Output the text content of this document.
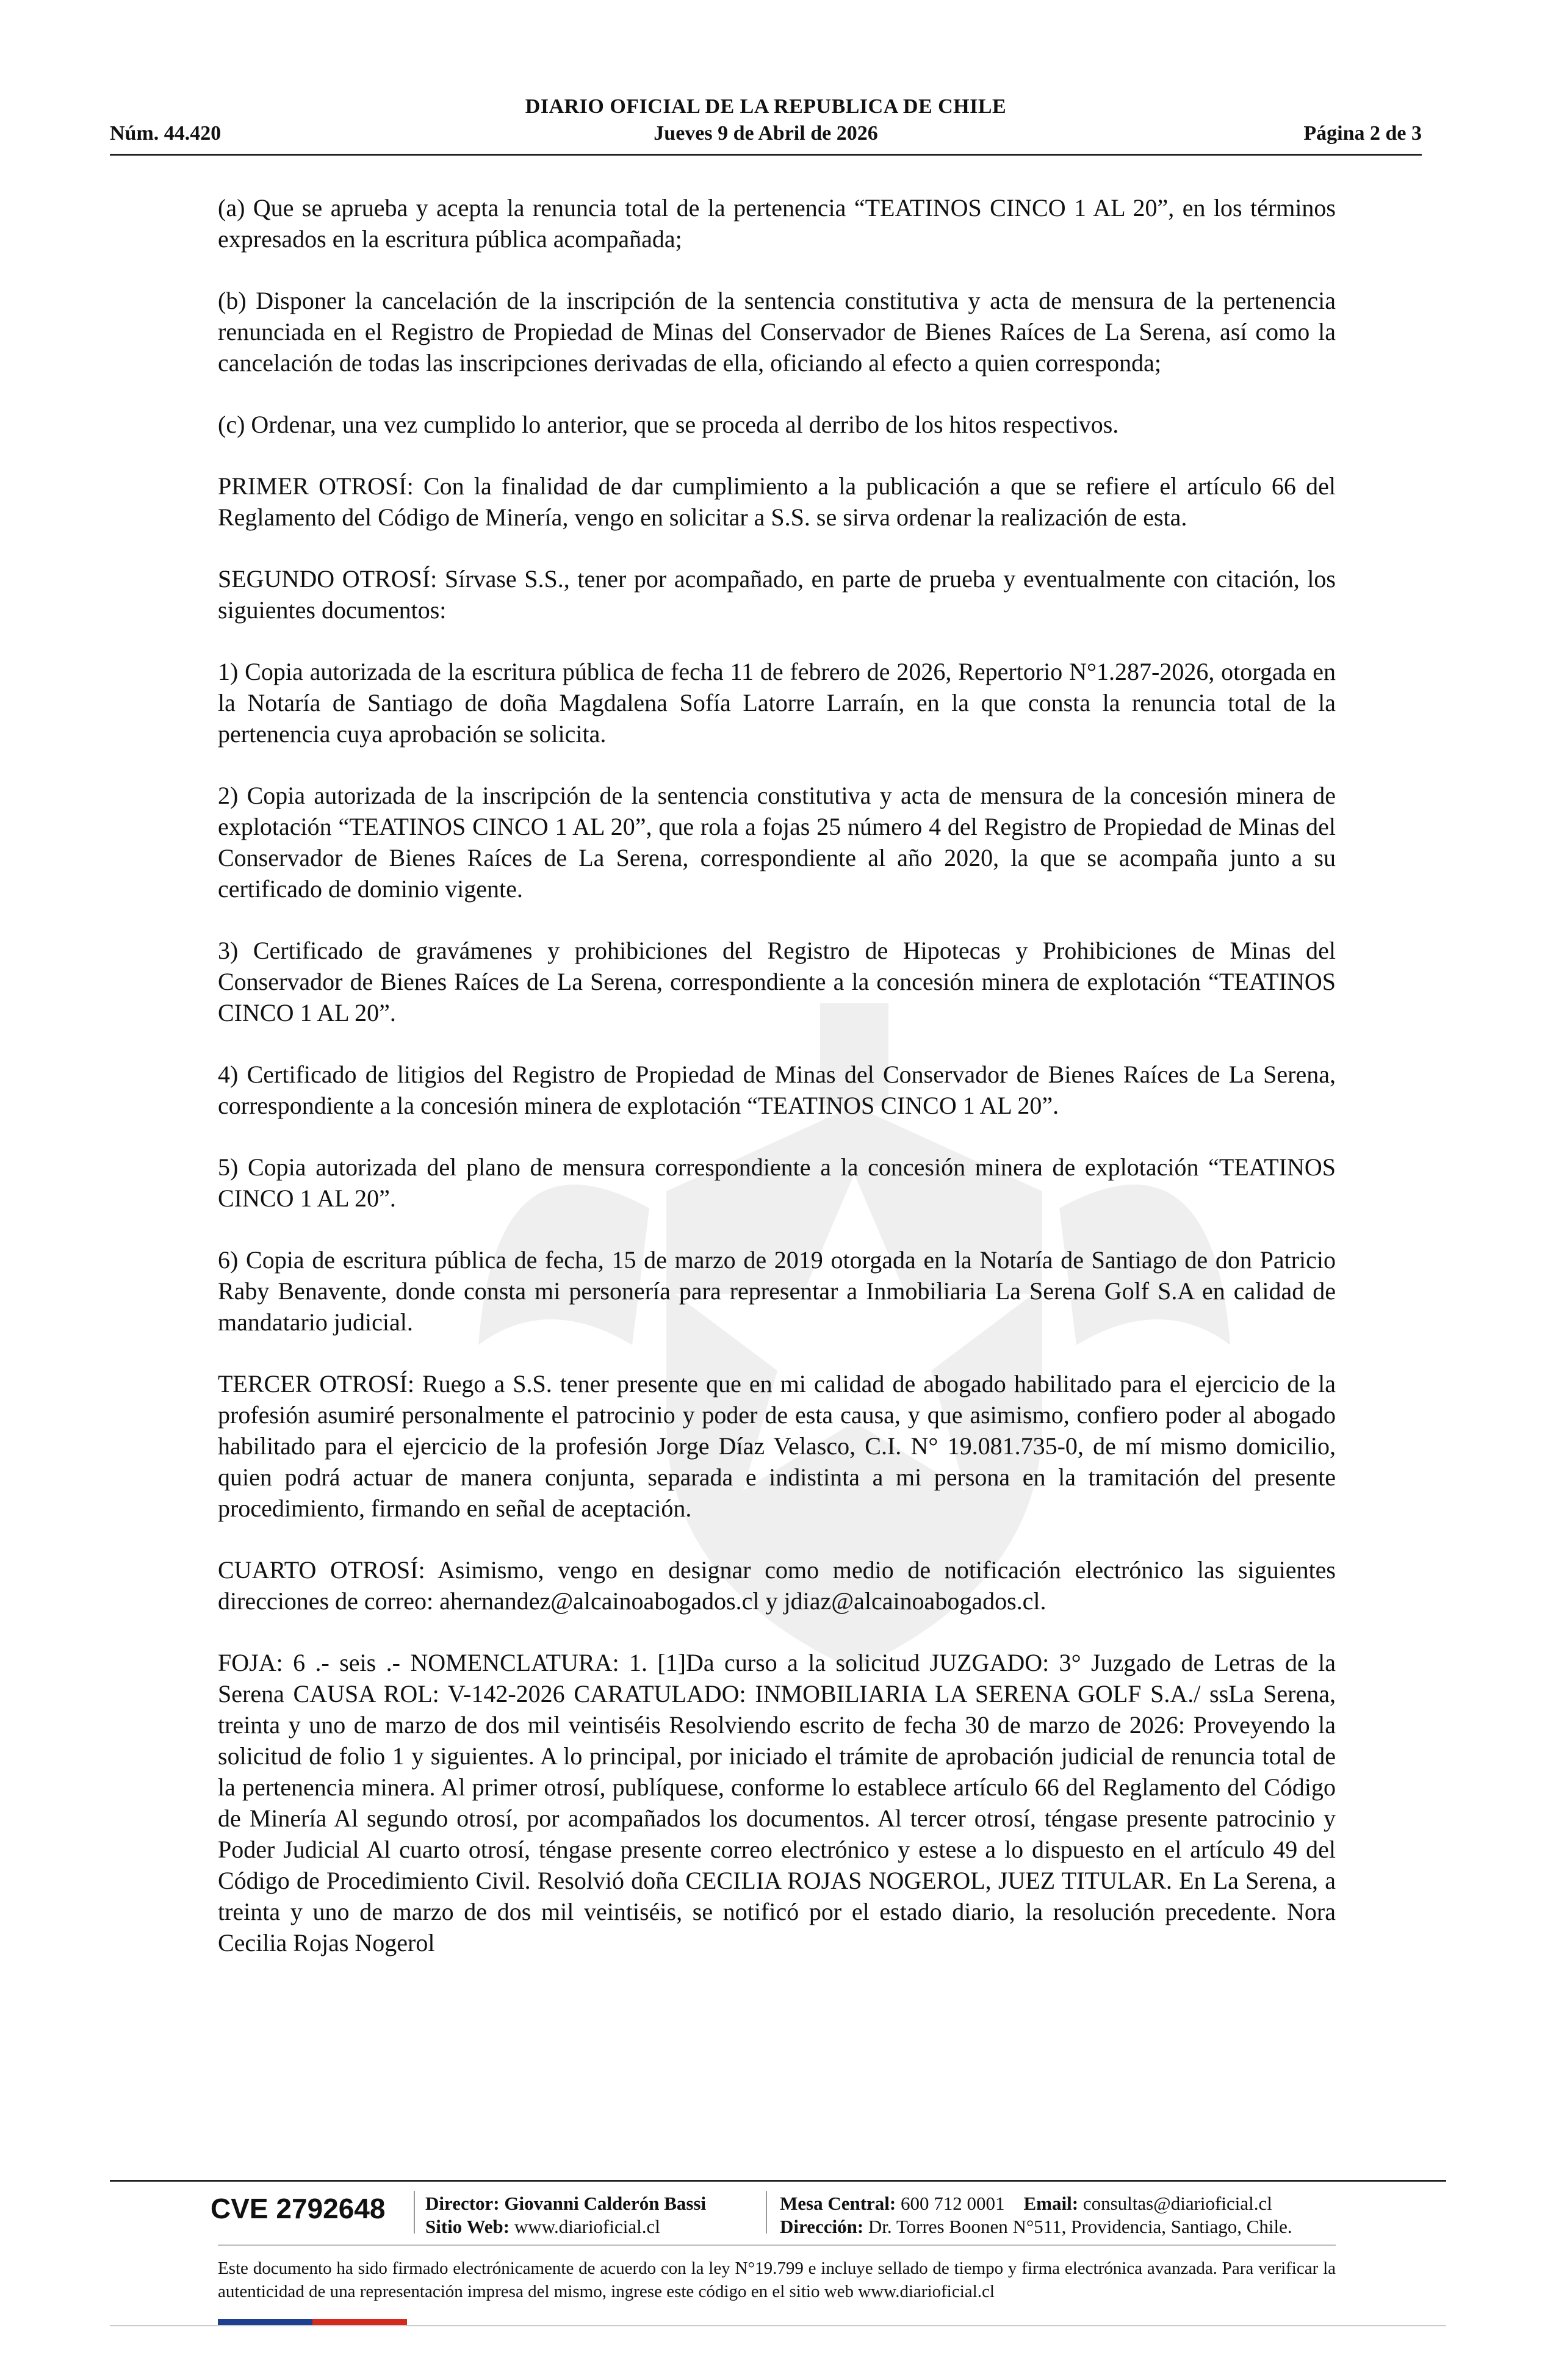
DIARIO OFICIAL DE LA REPUBLICA DE CHILE
Núm. 44.420	Jueves 9 de Abril de 2026	Página 2 de 3

(a) Que se aprueba y acepta la renuncia total de la pertenencia “TEATINOS CINCO 1 AL 20”, en los términos expresados en la escritura pública acompañada;

(b) Disponer la cancelación de la inscripción de la sentencia constitutiva y acta de mensura de la pertenencia renunciada en el Registro de Propiedad de Minas del Conservador de Bienes Raíces de La Serena, así como la cancelación de todas las inscripciones derivadas de ella, oficiando al efecto a quien corresponda;

(c) Ordenar, una vez cumplido lo anterior, que se proceda al derribo de los hitos respectivos.

PRIMER OTROSÍ: Con la finalidad de dar cumplimiento a la publicación a que se refiere el artículo 66 del Reglamento del Código de Minería, vengo en solicitar a S.S. se sirva ordenar la realización de esta.

SEGUNDO OTROSÍ: Sírvase S.S., tener por acompañado, en parte de prueba y eventualmente con citación, los siguientes documentos:

1) Copia autorizada de la escritura pública de fecha 11 de febrero de 2026, Repertorio N°1.287-2026, otorgada en la Notaría de Santiago de doña Magdalena Sofía Latorre Larraín, en la que consta la renuncia total de la pertenencia cuya aprobación se solicita.

2) Copia autorizada de la inscripción de la sentencia constitutiva y acta de mensura de la concesión minera de explotación “TEATINOS CINCO 1 AL 20”, que rola a fojas 25 número 4 del Registro de Propiedad de Minas del Conservador de Bienes Raíces de La Serena, correspondiente al año 2020, la que se acompaña junto a su certificado de dominio vigente.

3) Certificado de gravámenes y prohibiciones del Registro de Hipotecas y Prohibiciones de Minas del Conservador de Bienes Raíces de La Serena, correspondiente a la concesión minera de explotación “TEATINOS CINCO 1 AL 20”.

4) Certificado de litigios del Registro de Propiedad de Minas del Conservador de Bienes Raíces de La Serena, correspondiente a la concesión minera de explotación “TEATINOS CINCO 1 AL 20”.

5) Copia autorizada del plano de mensura correspondiente a la concesión minera de explotación “TEATINOS CINCO 1 AL 20”.

6) Copia de escritura pública de fecha, 15 de marzo de 2019 otorgada en la Notaría de Santiago de don Patricio Raby Benavente, donde consta mi personería para representar a Inmobiliaria La Serena Golf S.A en calidad de mandatario judicial.

TERCER OTROSÍ: Ruego a S.S. tener presente que en mi calidad de abogado habilitado para el ejercicio de la profesión asumiré personalmente el patrocinio y poder de esta causa, y que asimismo, confiero poder al abogado habilitado para el ejercicio de la profesión Jorge Díaz Velasco, C.I. N° 19.081.735-0, de mí mismo domicilio, quien podrá actuar de manera conjunta, separada e indistinta a mi persona en la tramitación del presente procedimiento, firmando en señal de aceptación.

CUARTO OTROSÍ: Asimismo, vengo en designar como medio de notificación electrónico las siguientes direcciones de correo: ahernandez@alcainoabogados.cl y jdiaz@alcainoabogados.cl.

FOJA: 6 .- seis .- NOMENCLATURA: 1. [1]Da curso a la solicitud JUZGADO: 3° Juzgado de Letras de la Serena CAUSA ROL: V-142-2026 CARATULADO: INMOBILIARIA LA SERENA GOLF S.A./ ssLa Serena, treinta y uno de marzo de dos mil veintiséis Resolviendo escrito de fecha 30 de marzo de 2026: Proveyendo la solicitud de folio 1 y siguientes. A lo principal, por iniciado el trámite de aprobación judicial de renuncia total de la pertenencia minera. Al primer otrosí, publíquese, conforme lo establece artículo 66 del Reglamento del Código de Minería Al segundo otrosí, por acompañados los documentos. Al tercer otrosí, téngase presente patrocinio y Poder Judicial Al cuarto otrosí, téngase presente correo electrónico y estese a lo dispuesto en el artículo 49 del Código de Procedimiento Civil. Resolvió doña CECILIA ROJAS NOGEROL, JUEZ TITULAR. En La Serena, a treinta y uno de marzo de dos mil veintiséis, se notificó por el estado diario, la resolución precedente. Nora Cecilia Rojas Nogerol

CVE 2792648 Director: Giovanni Calderón Bassi
Sitio Web: www.diarioficial.cl
Mesa Central: 600 712 0001 Email: consultas@diarioficial.cl
Dirección: Dr. Torres Boonen N°511, Providencia, Santiago, Chile.
Este documento ha sido firmado electrónicamente de acuerdo con la ley N°19.799 e incluye sellado de tiempo y firma electrónica avanzada. Para verificar la autenticidad de una representación impresa del mismo, ingrese este código en el sitio web www.diarioficial.cl
